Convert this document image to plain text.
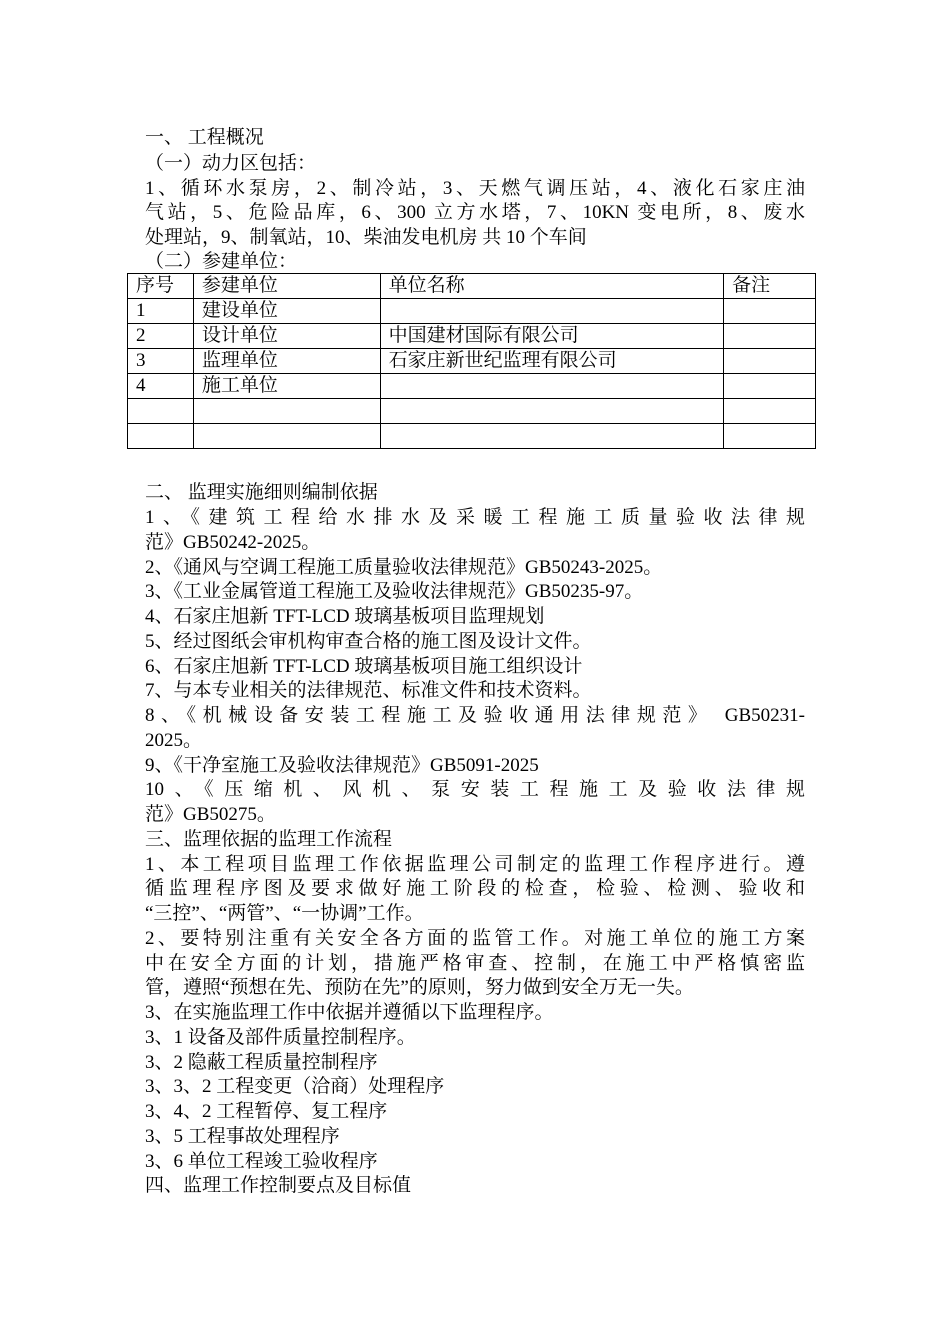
一、 工程概况
（一）动力区包括：
1、循环水泵房，2、制冷站，3、天燃气调压站，4、液化石家庄油
气站，5、危险品库，6、300 立方水塔，7、10KN 变电所，8、废水
处理站，9、制氧站，10、柴油发电机房 共 10 个车间
（二）参建单位：
序号	参建单位	单位名称	备注
1	建设单位		
2	设计单位	中国建材国际有限公司	
3	监理单位	石家庄新世纪监理有限公司	
4	施工单位		

二、 监理实施细则编制依据
1、《建筑工程给水排水及采暖工程施工质量验收法律规
范》GB50242-2025。
2、《通风与空调工程施工质量验收法律规范》GB50243-2025。
3、《工业金属管道工程施工及验收法律规范》GB50235-97。
4、石家庄旭新 TFT-LCD 玻璃基板项目监理规划
5、经过图纸会审机构审查合格的施工图及设计文件。
6、石家庄旭新 TFT-LCD 玻璃基板项目施工组织设计
7、与本专业相关的法律规范、标准文件和技术资料。
8、《机械设备安装工程施工及验收通用法律规范》 GB50231-
2025。
9、《干净室施工及验收法律规范》GB5091-2025
10、《压缩机、风机、泵安装工程施工及验收法律规
范》GB50275。
三、监理依据的监理工作流程
1、本工程项目监理工作依据监理公司制定的监理工作程序进行。遵
循监理程序图及要求做好施工阶段的检查，检验、检测、验收和
“三控”、“两管”、“一协调”工作。
2、要特别注重有关安全各方面的监管工作。对施工单位的施工方案
中在安全方面的计划，措施严格审查、控制，在施工中严格慎密监
管，遵照“预想在先、预防在先”的原则，努力做到安全万无一失。
3、在实施监理工作中依据并遵循以下监理程序。
3、1 设备及部件质量控制程序。
3、2 隐蔽工程质量控制程序
3、3、2 工程变更（洽商）处理程序
3、4、2 工程暂停、复工程序
3、5 工程事故处理程序
3、6 单位工程竣工验收程序
四、监理工作控制要点及目标值
